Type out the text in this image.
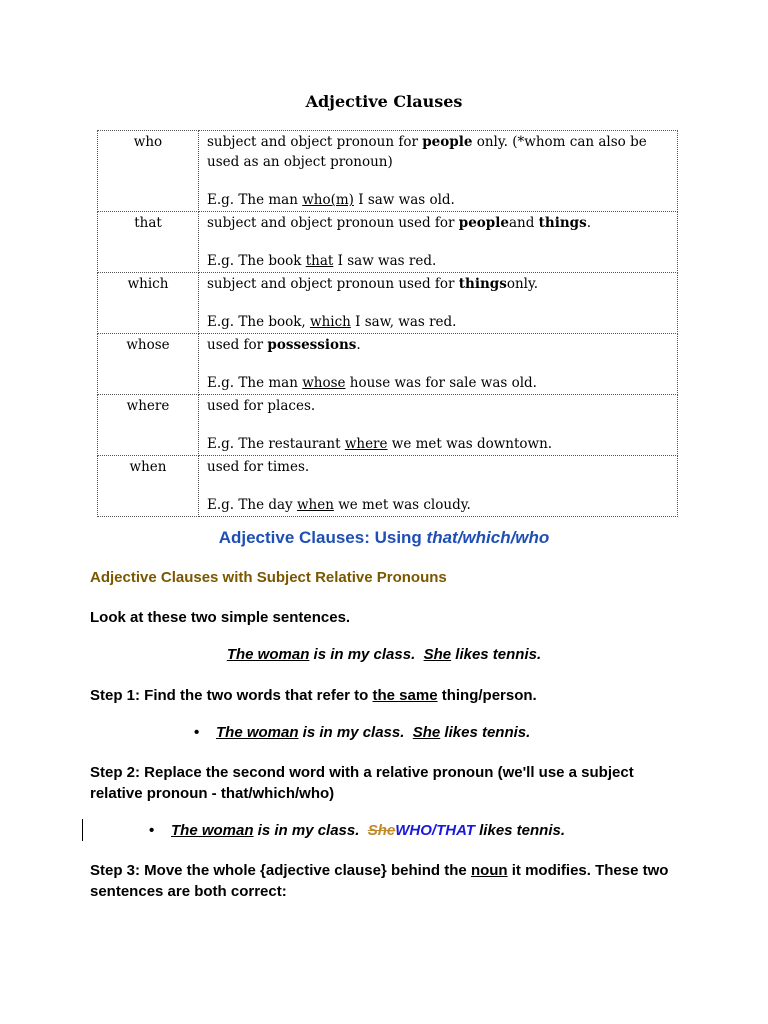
Adjective Clauses
who	subject and object pronoun for people only. (*whom can also be used as an object pronoun)
E.g. The man who(m) I saw was old.

that	subject and object pronoun used for peopleand things.
E.g. The book that I saw was red.

which	subject and object pronoun used for thingsonly.
E.g. The book, which I saw, was red.

whose	used for possessions.
E.g. The man whose house was for sale was old.

where	used for places.
E.g. The restaurant where we met was downtown.

when	used for times.
E.g. The day when we met was cloudy.
Adjective Clauses: Using that/which/who
Adjective Clauses with Subject Relative Pronouns
Look at these two simple sentences.
The woman is in my class.  She likes tennis.
Step 1: Find the two words that refer to the same thing/person.
• The woman is in my class.  She likes tennis.
Step 2: Replace the second word with a relative pronoun (we'll use a subject relative pronoun - that/which/who)
• The woman is in my class.  SheWHO/THAT likes tennis.
Step 3: Move the whole {adjective clause} behind the noun it modifies. These two sentences are both correct:
